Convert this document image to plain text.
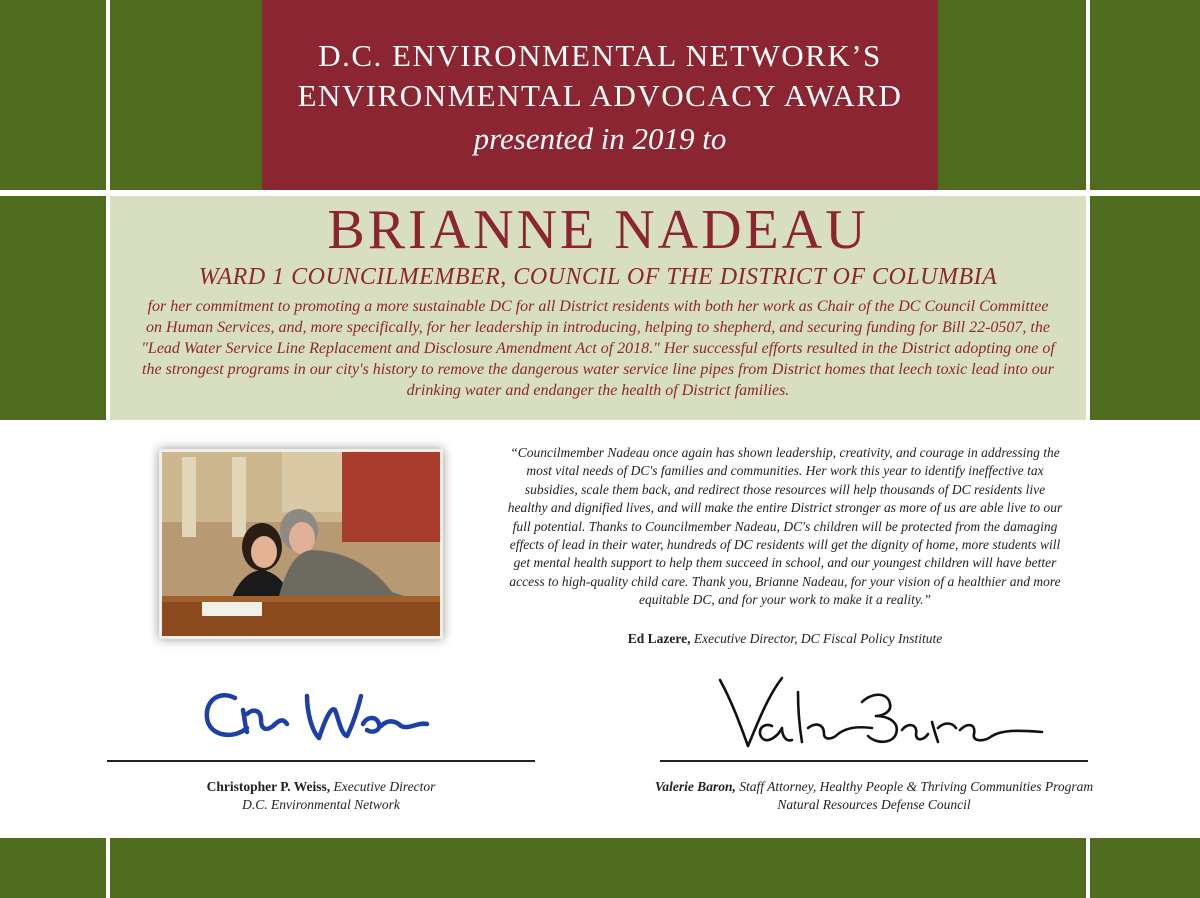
D.C. ENVIRONMENTAL NETWORK’S
ENVIRONMENTAL ADVOCACY AWARD
presented in 2019 to
BRIANNE NADEAU
WARD 1 COUNCILMEMBER, COUNCIL OF THE DISTRICT OF COLUMBIA
for her commitment to promoting a more sustainable DC for all District residents with both her work as Chair of the DC Council Committee on Human Services, and, more specifically, for her leadership in introducing, helping to shepherd, and securing funding for Bill 22-0507, the "Lead Water Service Line Replacement and Disclosure Amendment Act of 2018." Her successful efforts resulted in the District adopting one of the strongest programs in our city's history to remove the dangerous water service line pipes from District homes that leech toxic lead into our drinking water and endanger the health of District families.
“Councilmember Nadeau once again has shown leadership, creativity, and courage in addressing the most vital needs of DC's families and communities. Her work this year to identify ineffective tax subsidies, scale them back, and redirect those resources will help thousands of DC residents live healthy and dignified lives, and will make the entire District stronger as more of us are able live to our full potential. Thanks to Councilmember Nadeau, DC's children will be protected from the damaging effects of lead in their water, hundreds of DC residents will get the dignity of home, more students will get mental health support to help them succeed in school, and our youngest children will have better access to high-quality child care. Thank you, Brianne Nadeau, for your vision of a healthier and more equitable DC, and for your work to make it a reality.”
Ed Lazere, Executive Director, DC Fiscal Policy Institute
Christopher P. Weiss, Executive Director
D.C. Environmental Network
Valerie Baron, Staff Attorney, Healthy People & Thriving Communities Program
Natural Resources Defense Council
